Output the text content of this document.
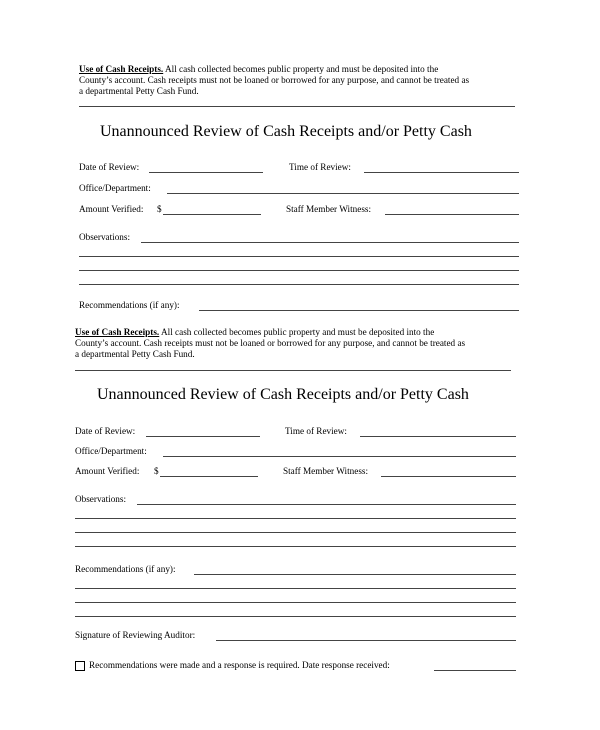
Use of Cash Receipts. All cash collected becomes public property and must be deposited into the
County’s account. Cash receipts must not be loaned or borrowed for any purpose, and cannot be treated as
a departmental Petty Cash Fund.
Unannounced Review of Cash Receipts and/or Petty Cash
Date of Review:	Time of Review:
Office/Department:
Amount Verified: $	Staff Member Witness:
Observations:
Recommendations (if any):
Use of Cash Receipts. All cash collected becomes public property and must be deposited into the
County’s account. Cash receipts must not be loaned or borrowed for any purpose, and cannot be treated as
a departmental Petty Cash Fund.
Unannounced Review of Cash Receipts and/or Petty Cash
Date of Review:	Time of Review:
Office/Department:
Amount Verified: $	Staff Member Witness:
Observations:
Recommendations (if any):
Signature of Reviewing Auditor:
Recommendations were made and a response is required. Date response received:
